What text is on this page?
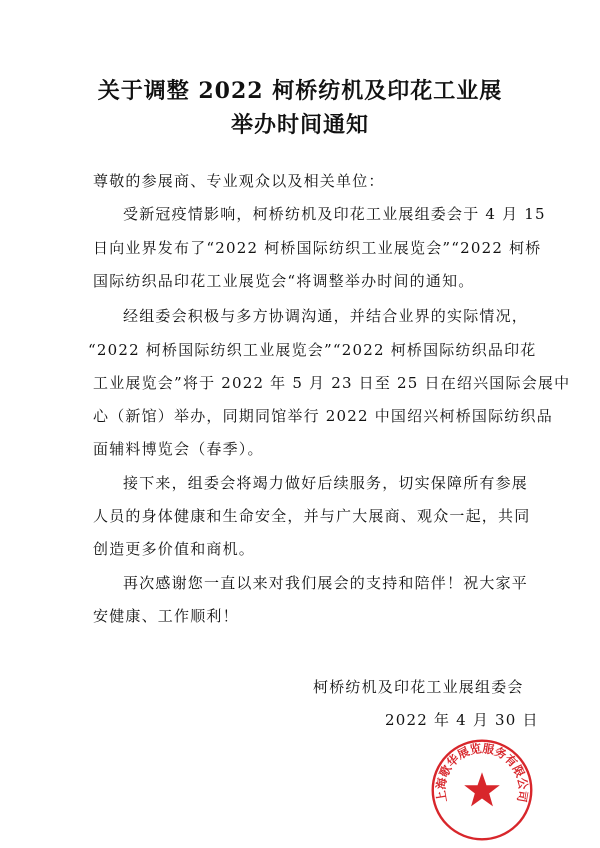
关于调整 2022 柯桥纺机及印花工业展
举办时间通知
尊敬的参展商、专业观众以及相关单位：
受新冠疫情影响，柯桥纺机及印花工业展组委会于 4 月 15
日向业界发布了“2022 柯桥国际纺织工业展览会”“2022 柯桥
国际纺织品印花工业展览会“将调整举办时间的通知。
经组委会积极与多方协调沟通，并结合业界的实际情况，
“2022 柯桥国际纺织工业展览会”“2022 柯桥国际纺织品印花
工业展览会”将于 2022 年 5 月 23 日至 25 日在绍兴国际会展中
心（新馆）举办，同期同馆举行 2022 中国绍兴柯桥国际纺织品
面辅料博览会（春季）。
接下来，组委会将竭力做好后续服务，切实保障所有参展
人员的身体健康和生命安全，并与广大展商、观众一起，共同
创造更多价值和商机。
再次感谢您一直以来对我们展会的支持和陪伴！祝大家平
安健康、工作顺利！
柯桥纺机及印花工业展组委会
2022 年 4 月 30 日
上海歌华展览服务有限公司
